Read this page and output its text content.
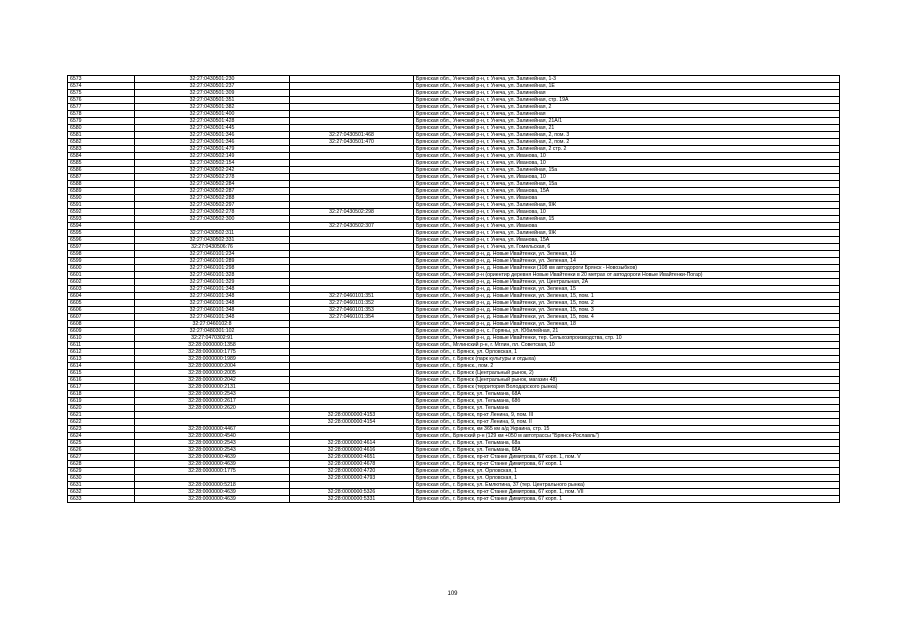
6573	32:27:0430501:230		Брянская обл., Унечский р-н, г. Унеча, ул. Залинейная, 1-3
6574	32:27:0430501:237		Брянская обл., Унечский р-н, г. Унеча, ул. Залинейная, 1Е
6575	32:27:0430501:309		Брянская обл., Унечский р-н, г. Унеча, ул. Залинейная
6576	32:27:0430501:351		Брянская обл., Унечский р-н, г. Унеча, ул. Залинейная, стр. 19А
6577	32:27:0430501:382		Брянская обл., Унечский р-н, г. Унеча, ул. Залинейная, 2
6578	32:27:0430501:400		Брянская обл., Унечский р-н, г. Унеча, ул. Залинейная
6579	32:27:0430501:428		Брянская обл., Унечский р-н, г. Унеча, ул. Залинейная, 21А/1
6580	32:27:0430501:445		Брянская обл., Унечский р-н, г. Унеча, ул. Залинейная, 21
6581	32:27:0430501:346	32:27:0430501:468	Брянская обл., Унечский р-н, г. Унеча, ул. Залинейная, 2, пом. 3
6582	32:27:0430501:346	32:27:0430501:470	Брянская обл., Унечский р-н, г. Унеча, ул. Залинейная, 2, пом. 2
6583	32:27:0430501:479		Брянская обл., Унечский р-н, г. Унеча, ул. Залинейная, 2 стр. 2
6584	32:27:0430502:149		Брянская обл., Унечский р-н, г. Унеча, ул. Иванова, 10
6585	32:27:0430502:154		Брянская обл., Унечский р-н, г. Унеча, ул. Иванова, 10
6586	32:27:0430502:242		Брянская обл., Унечский р-н, г. Унеча, ул. Залинейная, 15а
6587	32:27:0430502:278		Брянская обл., Унечский р-н, г. Унеча, ул. Иванова, 10
6588	32:27:0430502:284		Брянская обл., Унечский р-н, г. Унеча, ул. Залинейная, 15а
6589	32:27:0430502:287		Брянская обл., Унечский р-н, г. Унеча, ул. Иванова, 15А
6590	32:27:0430502:288		Брянская обл., Унечский р-н, г. Унеча, ул. Иванова
6591	32:27:0430502:297		Брянская обл., Унечский р-н, г. Унеча, ул. Залинейная, 9Ж
6592	32:27:0430502:278	32:27:0430502:298	Брянская обл., Унечский р-н, г. Унеча, ул. Иванова, 10
6593	32:27:0430502:300		Брянская обл., Унечский р-н, г. Унеча, ул. Залинейная, 15
6594		32:27:0430502:307	Брянская обл., Унечский р-н, г. Унеча, ул. Иванова
6595	32:27:0430502:311		Брянская обл., Унечский р-н, г. Унеча, ул. Залинейная, 9Ж
6596	32:27:0430502:331		Брянская обл., Унечский р-н, г. Унеча, ул. Иванова, 15А
6597	32:27:0430506:76		Брянская обл., Унечский р-н, г. Унеча, ул. Гомельская, 6
6598	32:27:0460101:234		Брянская обл., Унечский р-н, д. Новые Ивайтенки, ул. Зеленая, 16
6599	32:27:0460101:289		Брянская обл., Унечский р-н, д. Новые Ивайтенки, ул. Зеленая, 14
6600	32:27:0460101:298		Брянская обл., Унечский р-н, д. Новые Ивайтенки (108 км автодороги Брянск - Новозыбков)
6601	32:27:0460101:328		Брянская обл., Унечский р-н (ориентир деревня Новые Ивайтенки в 20 метрах от автодороги Новые Ивайтенки-Погар)
6602	32:27:0460101:329		Брянская обл., Унечский р-н, д. Новые Ивайтенки, ул. Центральная, 2А
6603	32:27:0460101:348		Брянская обл., Унечский р-н, д. Новые Ивайтенки, ул. Зеленая, 15
6604	32:27:0460101:348	32:27:0460101:351	Брянская обл., Унечский р-н, д. Новые Ивайтенки, ул. Зеленая, 15, пом. 1
6605	32:27:0460101:348	32:27:0460101:352	Брянская обл., Унечский р-н, д. Новые Ивайтенки, ул. Зеленая, 15, пом. 2
6606	32:27:0460101:348	32:27:0460101:353	Брянская обл., Унечский р-н, д. Новые Ивайтенки, ул. Зеленая, 15, пом. 3
6607	32:27:0460101:348	32:27:0460101:354	Брянская обл., Унечский р-н, д. Новые Ивайтенки, ул. Зеленая, 15, пом. 4
6608	32:27:0460102:8		Брянская обл., Унечский р-н, д. Новые Ивайтенки, ул. Зеленая, 18
6609	32:27:0480301:102		Брянская обл., Унечский р-н, с. Горяны, ул. Юбилейная, 21
6610	32:27:0470302:91		Брянская обл., Унечский р-н, д. Новые Ивайтенки, тер. Сельхозпроизводства, стр. 10
6611	32:28:0000000:1358		Брянская обл., Мглинский р-н, г. Мглин, пл. Советская, 10
6612	32:28:0000000:1775		Брянская обл., г. Брянск, ул. Орловская, 1
6613	32:28:0000000:1989		Брянская обл., г. Брянск (парк культуры и отдыха)
6614	32:28:0000000:2004		Брянская обл., г. Брянск., пом. 2
6615	32:28:0000000:2005		Брянская обл., г. Брянск (Центральный рынок, 2)
6616	32:28:0000000:2042		Брянская обл., г. Брянск (Центральный рынок, магазин 48)
6617	32:28:0000000:2131		Брянская обл., г. Брянск (территория Володарского рынка)
6618	32:28:0000000:2543		Брянская обл., г. Брянск, ул. Тельмана, 68А
6619	32:28:0000000:2617		Брянская обл., г. Брянск, ул. Тельмана, 68б
6620	32:28:0000000:2620		Брянская обл., г. Брянск, ул. Тельмана
6621		32:28:0000000:4153	Брянская обл., г. Брянск, пр-кт Ленина, 9, пом. III
6622		32:28:0000000:4154	Брянская обл., г. Брянск, пр-кт Ленина, 9, пом. II
6623	32:28:0000000:4467		Брянская обл., г. Брянск, км 365 км а/д Украина, стр. 15
6624	32:28:0000000:4540		Брянская обл., Брянский р-н (129 км +050 м автотрассы "Брянск-Рославль")
6625	32:28:0000000:2543	32:28:0000000:4614	Брянская обл., г. Брянск, ул. Тельмана, 68а
6626	32:28:0000000:2543	32:28:0000000:4616	Брянская обл., г. Брянск, ул. Тельмана, 68А
6627	32:28:0000000:4639	32:28:0000000:4651	Брянская обл., г. Брянск, пр-кт Станке Димитрова, 67 корп. 1, пом. V
6628	32:28:0000000:4639	32:28:0000000:4678	Брянская обл., г. Брянск, пр-кт Станке Димитрова, 67 корп. 1
6629	32:28:0000000:1775	32:28:0000000:4720	Брянская обл., г. Брянск, ул. Орловская, 1
6630		32:28:0000000:4793	Брянская обл., г. Брянск, ул. Орловская, 1
6631	32:28:0000000:5218		Брянская обл., г. Брянск, ул. Емлютина, 37 (тер. Центрального рынка)
6632	32:28:0000000:4639	32:28:0000000:5326	Брянская обл., г. Брянск, пр-кт Станке Димитрова, 67 корп. 1, пом. VII
6633	32:28:0000000:4639	32:28:0000000:5331	Брянская обл., г. Брянск, пр-кт Станке Димитрова, 67 корп. 1
109
